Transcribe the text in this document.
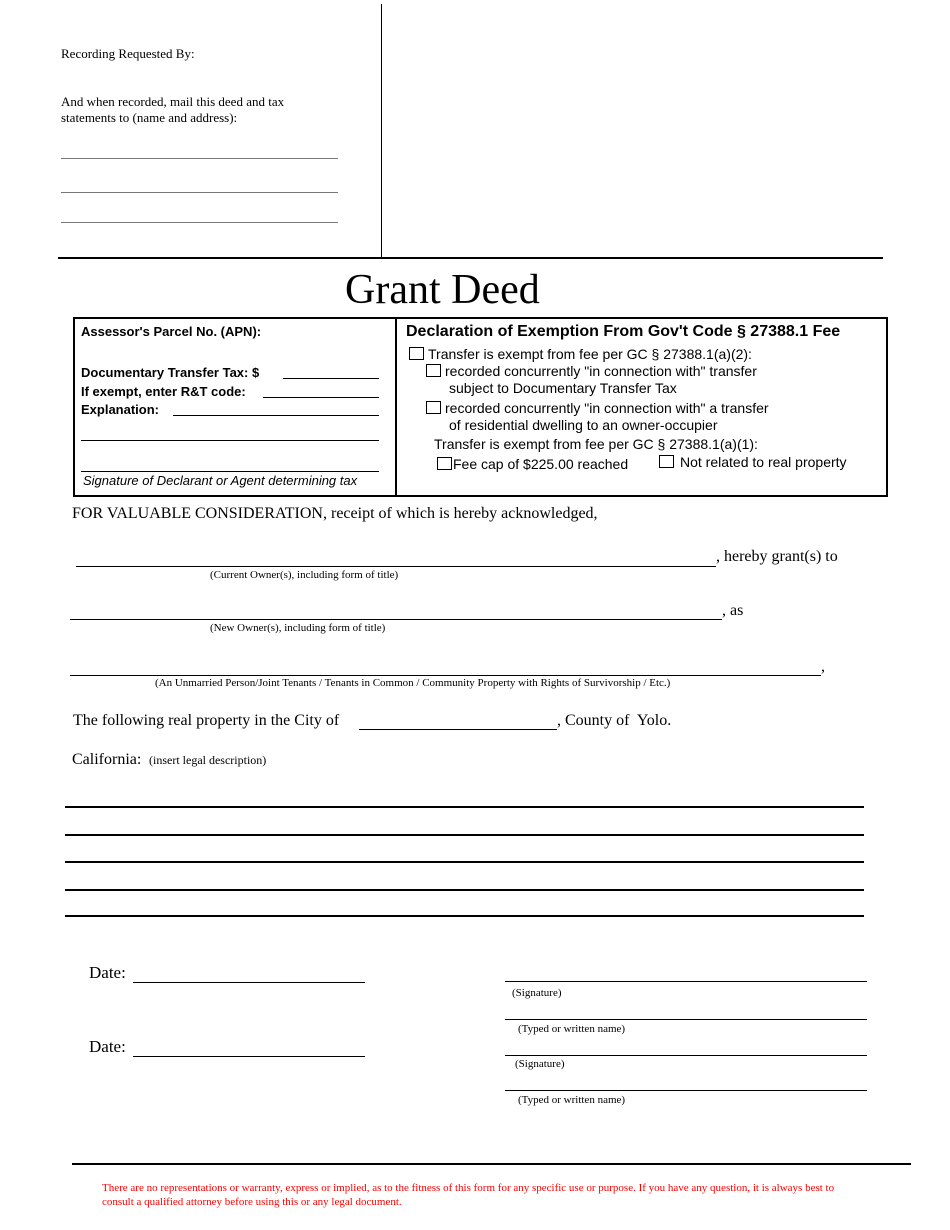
Recording Requested By:
And when recorded, mail this deed and tax
statements to (name and address):
Grant Deed
Assessor's Parcel No. (APN):
Documentary Transfer Tax: $
If exempt, enter R&T code:
Explanation:
Signature of Declarant or Agent determining tax
Declaration of Exemption From Gov't Code § 27388.1 Fee
Transfer is exempt from fee per GC § 27388.1(a)(2):
recorded concurrently "in connection with" transfer
subject to Documentary Transfer Tax
recorded concurrently "in connection with" a transfer
of residential dwelling to an owner-occupier
Transfer is exempt from fee per GC § 27388.1(a)(1):
Fee cap of $225.00 reached	Not related to real property
FOR VALUABLE CONSIDERATION, receipt of which is hereby acknowledged,
, hereby grant(s) to
(Current Owner(s), including form of title)
, as
(New Owner(s), including form of title)
,
(An Unmarried Person/Joint Tenants / Tenants in Common / Community Property with Rights of Survivorship / Etc.)
The following real property in the City of	, County of  Yolo.
California: (insert legal description)
Date:
Date:
(Signature)
(Typed or written name)
(Signature)
(Typed or written name)
There are no representations or warranty, express or implied, as to the fitness of this form for any specific use or purpose. If you have any question, it is always best to consult a qualified attorney before using this or any legal document.
